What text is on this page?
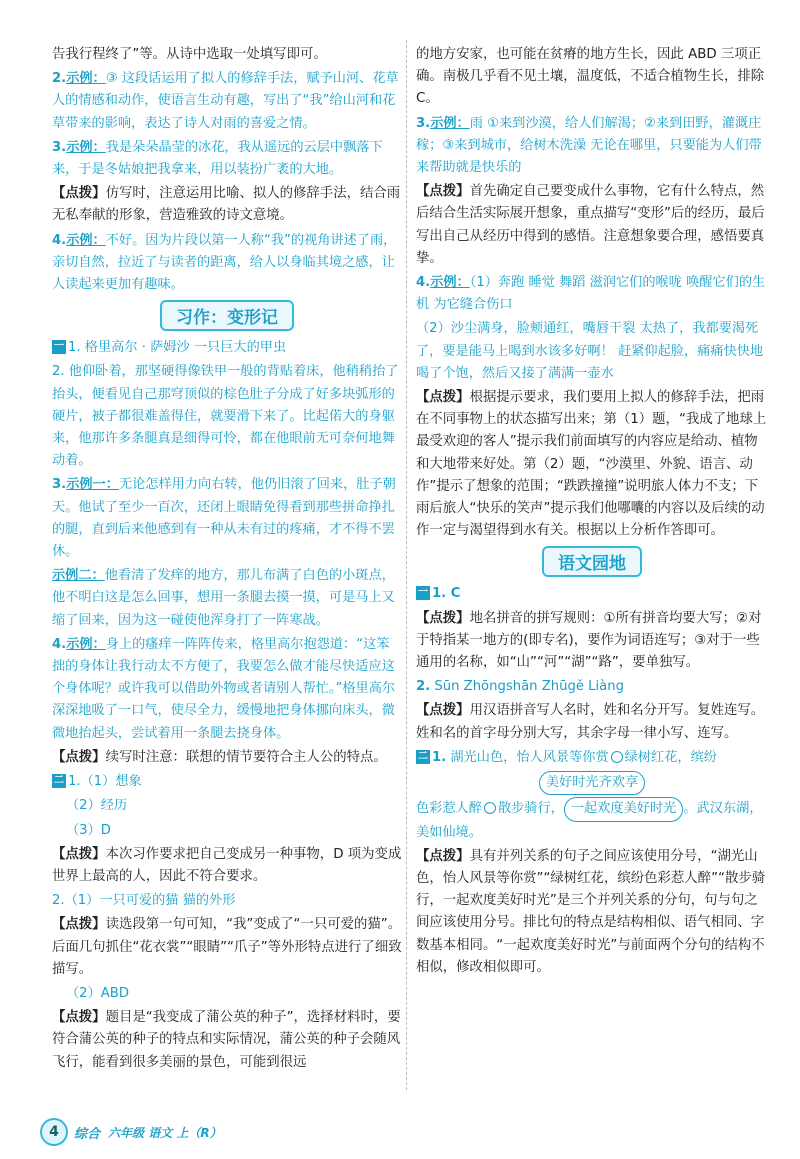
告我行程终了”等。从诗中选取一处填写即可。

2.示例：③ 这段话运用了拟人的修辞手法，赋予山河、花草人的情感和动作，使语言生动有趣，写出了“我”给山河和花草带来的影响，表达了诗人对雨的喜爱之情。

3.示例：我是朵朵晶莹的冰花，我从遥远的云层中飘落下来，于是冬姑娘把我拿来，用以装扮广袤的大地。

【点拨】仿写时，注意运用比喻、拟人的修辞手法，结合雨无私奉献的形象，营造雅致的诗文意境。

4.示例：不好。因为片段以第一人称“我”的视角讲述了雨，亲切自然，拉近了与读者的距离，给人以身临其境之感，让人读起来更加有趣味。

习作：变形记

一 1. 格里高尔 · 萨姆沙 一只巨大的甲虫

2. 他仰卧着，那坚硬得像铁甲一般的背贴着床，他稍稍抬了抬头，便看见自己那穹顶似的棕色肚子分成了好多块弧形的硬片，被子都很难盖得住，就要滑下来了。比起偌大的身躯来，他那许多条腿真是细得可怜，都在他眼前无可奈何地舞动着。

3.示例一：无论怎样用力向右转，他仍旧滚了回来，肚子朝天。他试了至少一百次，还闭上眼睛免得看到那些拼命挣扎的腿，直到后来他感到有一种从未有过的疼痛，才不得不罢休。

示例二：他看清了发痒的地方，那儿布满了白色的小斑点，他不明白这是怎么回事，想用一条腿去摸一摸，可是马上又缩了回来，因为这一碰使他浑身打了一阵寒战。

4.示例：身上的瘙痒一阵阵传来，格里高尔抱怨道：“这笨拙的身体让我行动太不方便了，我要怎么做才能尽快适应这个身体呢？或许我可以借助外物或者请别人帮忙。”格里高尔深深地吸了一口气，使尽全力，缓慢地把身体挪向床头，微微地抬起头，尝试着用一条腿去挠身体。

【点拨】续写时注意：联想的情节要符合主人公的特点。

二 1.（1）想象

（2）经历

（3）D

【点拨】本次习作要求把自己变成另一种事物，D 项为变成世界上最高的人，因此不符合要求。

2.（1）一只可爱的猫 猫的外形

【点拨】读选段第一句可知，“我”变成了“一只可爱的猫”。后面几句抓住“花衣裳”“眼睛”“爪子”等外形特点进行了细致描写。

（2）ABD

【点拨】题目是“我变成了蒲公英的种子”，选择材料时，要符合蒲公英的种子的特点和实际情况，蒲公英的种子会随风飞行，能看到很多美丽的景色，可能到很远

的地方安家，也可能在贫瘠的地方生长，因此 ABD 三项正确。南极几乎看不见土壤，温度低，不适合植物生长，排除 C。

3.示例：雨 ①来到沙漠，给人们解渴；②来到田野，灌溉庄稼；③来到城市，给树木洗澡 无论在哪里，只要能为人们带来帮助就是快乐的

【点拨】首先确定自己要变成什么事物，它有什么特点，然后结合生活实际展开想象，重点描写“变形”后的经历，最后写出自己从经历中得到的感悟。注意想象要合理，感悟要真挚。

4.示例：（1）奔跑 睡觉 舞蹈 滋润它们的喉咙 唤醒它们的生机 为它缝合伤口

（2）沙尘满身，脸颊通红，嘴唇干裂 太热了，我都要渴死了，要是能马上喝到水该多好啊！ 赶紧仰起脸，痛痛快快地喝了个饱，然后又接了满满一壶水

【点拨】根据提示要求，我们要用上拟人的修辞手法，把雨在不同事物上的状态描写出来；第（1）题，“我成了地球上最受欢迎的客人”提示我们前面填写的内容应是给动、植物和大地带来好处。第（2）题，“沙漠里、外貌、语言、动作”提示了想象的范围；“跌跌撞撞”说明旅人体力不支；下雨后旅人“快乐的笑声”提示我们他哪囔的内容以及后续的动作一定与渴望得到水有关。根据以上分析作答即可。

语文园地

一 1. C

【点拨】地名拼音的拼写规则：①所有拼音均要大写；②对于特指某一地方的(即专名)，要作为词语连写；③对于一些通用的名称，如“山”“河”“湖”“路”，要单独写。

2. Sūn Zhōngshān Zhūgě Liàng

【点拨】用汉语拼音写人名时，姓和名分开写。复姓连写。姓和名的首字母分别大写，其余字母一律小写、连写。

二 1. 湖光山色，怡人风景等你赏 绿树红花，缤纷

美好时光齐欢享

色彩惹人醉 散步骑行， 一起欢度美好时光 。武汉东湖，美如仙境。

【点拨】具有并列关系的句子之间应该使用分号，“湖光山色，怡人风景等你赏”“绿树红花，缤纷色彩惹人醉”“散步骑行，一起欢度美好时光”是三个并列关系的分句，句与句之间应该使用分号。排比句的特点是结构相似、语气相同、字数基本相同。“一起欢度美好时光”与前面两个分句的结构不相似，修改相似即可。

4	综合 六年级 语文 上（R）
